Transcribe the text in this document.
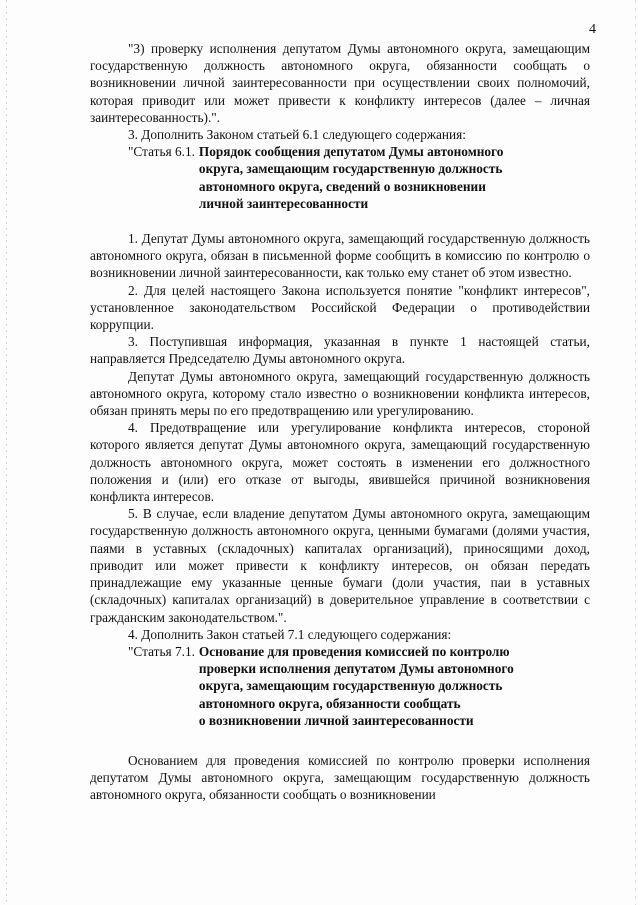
4

"3) проверку исполнения депутатом Думы автономного округа, замещающим государственную должность автономного округа, обязанности сообщать о возникновении личной заинтересованности при осуществлении своих полномочий, которая приводит или может привести к конфликту интересов (далее – личная заинтересованность).".

3. Дополнить Законом статьей 6.1 следующего содержания:

"Статья 6.1. Порядок сообщения депутатом Думы автономного
округа, замещающим государственную должность
автономного округа, сведений о возникновении
личной заинтересованности

1. Депутат Думы автономного округа, замещающий государственную должность автономного округа, обязан в письменной форме сообщить в комиссию по контролю о возникновении личной заинтересованности, как только ему станет об этом известно.

2. Для целей настоящего Закона используется понятие "конфликт интересов", установленное законодательством Российской Федерации о противодействии коррупции.

3. Поступившая информация, указанная в пункте 1 настоящей статьи, направляется Председателю Думы автономного округа.

Депутат Думы автономного округа, замещающий государственную должность автономного округа, которому стало известно о возникновении конфликта интересов, обязан принять меры по его предотвращению или урегулированию.

4. Предотвращение или урегулирование конфликта интересов, стороной которого является депутат Думы автономного округа, замещающий государственную должность автономного округа, может состоять в изменении его должностного положения и (или) его отказе от выгоды, явившейся причиной возникновения конфликта интересов.

5. В случае, если владение депутатом Думы автономного округа, замещающим государственную должность автономного округа, ценными бумагами (долями участия, паями в уставных (складочных) капиталах организаций), приносящими доход, приводит или может привести к конфликту интересов, он обязан передать принадлежащие ему указанные ценные бумаги (доли участия, паи в уставных (складочных) капиталах организаций) в доверительное управление в соответствии с гражданским законодательством.".

4. Дополнить Закон статьей 7.1 следующего содержания:

"Статья 7.1. Основание для проведения комиссией по контролю
проверки исполнения депутатом Думы автономного
округа, замещающим государственную должность
автономного округа, обязанности сообщать
о возникновении личной заинтересованности

Основанием для проведения комиссией по контролю проверки исполнения депутатом Думы автономного округа, замещающим государственную должность автономного округа, обязанности сообщать о возникновении
